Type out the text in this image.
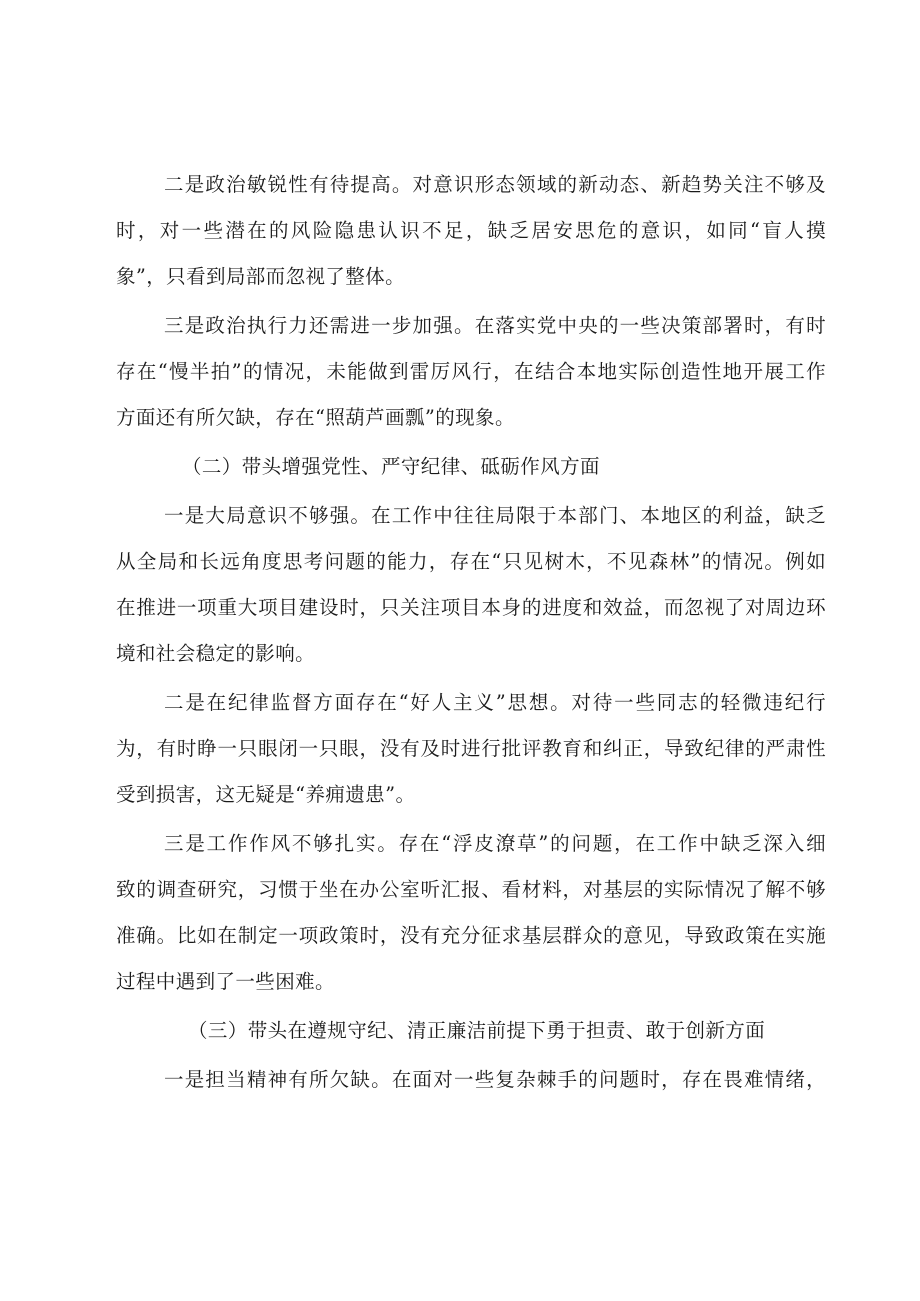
二是政治敏锐性有待提高。对意识形态领域的新动态、新趋势关注不够及
时，对一些潜在的风险隐患认识不足，缺乏居安思危的意识，如同“盲人摸
象”，只看到局部而忽视了整体。
三是政治执行力还需进一步加强。在落实党中央的一些决策部署时，有时
存在“慢半拍”的情况，未能做到雷厉风行，在结合本地实际创造性地开展工作
方面还有所欠缺，存在“照葫芦画瓢”的现象。
（二）带头增强党性、严守纪律、砥砺作风方面
一是大局意识不够强。在工作中往往局限于本部门、本地区的利益，缺乏
从全局和长远角度思考问题的能力，存在“只见树木，不见森林”的情况。例如
在推进一项重大项目建设时，只关注项目本身的进度和效益，而忽视了对周边环
境和社会稳定的影响。
二是在纪律监督方面存在“好人主义”思想。对待一些同志的轻微违纪行
为，有时睁一只眼闭一只眼，没有及时进行批评教育和纠正，导致纪律的严肃性
受到损害，这无疑是“养痈遗患”。
三是工作作风不够扎实。存在“浮皮潦草”的问题，在工作中缺乏深入细
致的调查研究，习惯于坐在办公室听汇报、看材料，对基层的实际情况了解不够
准确。比如在制定一项政策时，没有充分征求基层群众的意见，导致政策在实施
过程中遇到了一些困难。
（三）带头在遵规守纪、清正廉洁前提下勇于担责、敢于创新方面
一是担当精神有所欠缺。在面对一些复杂棘手的问题时，存在畏难情绪，
